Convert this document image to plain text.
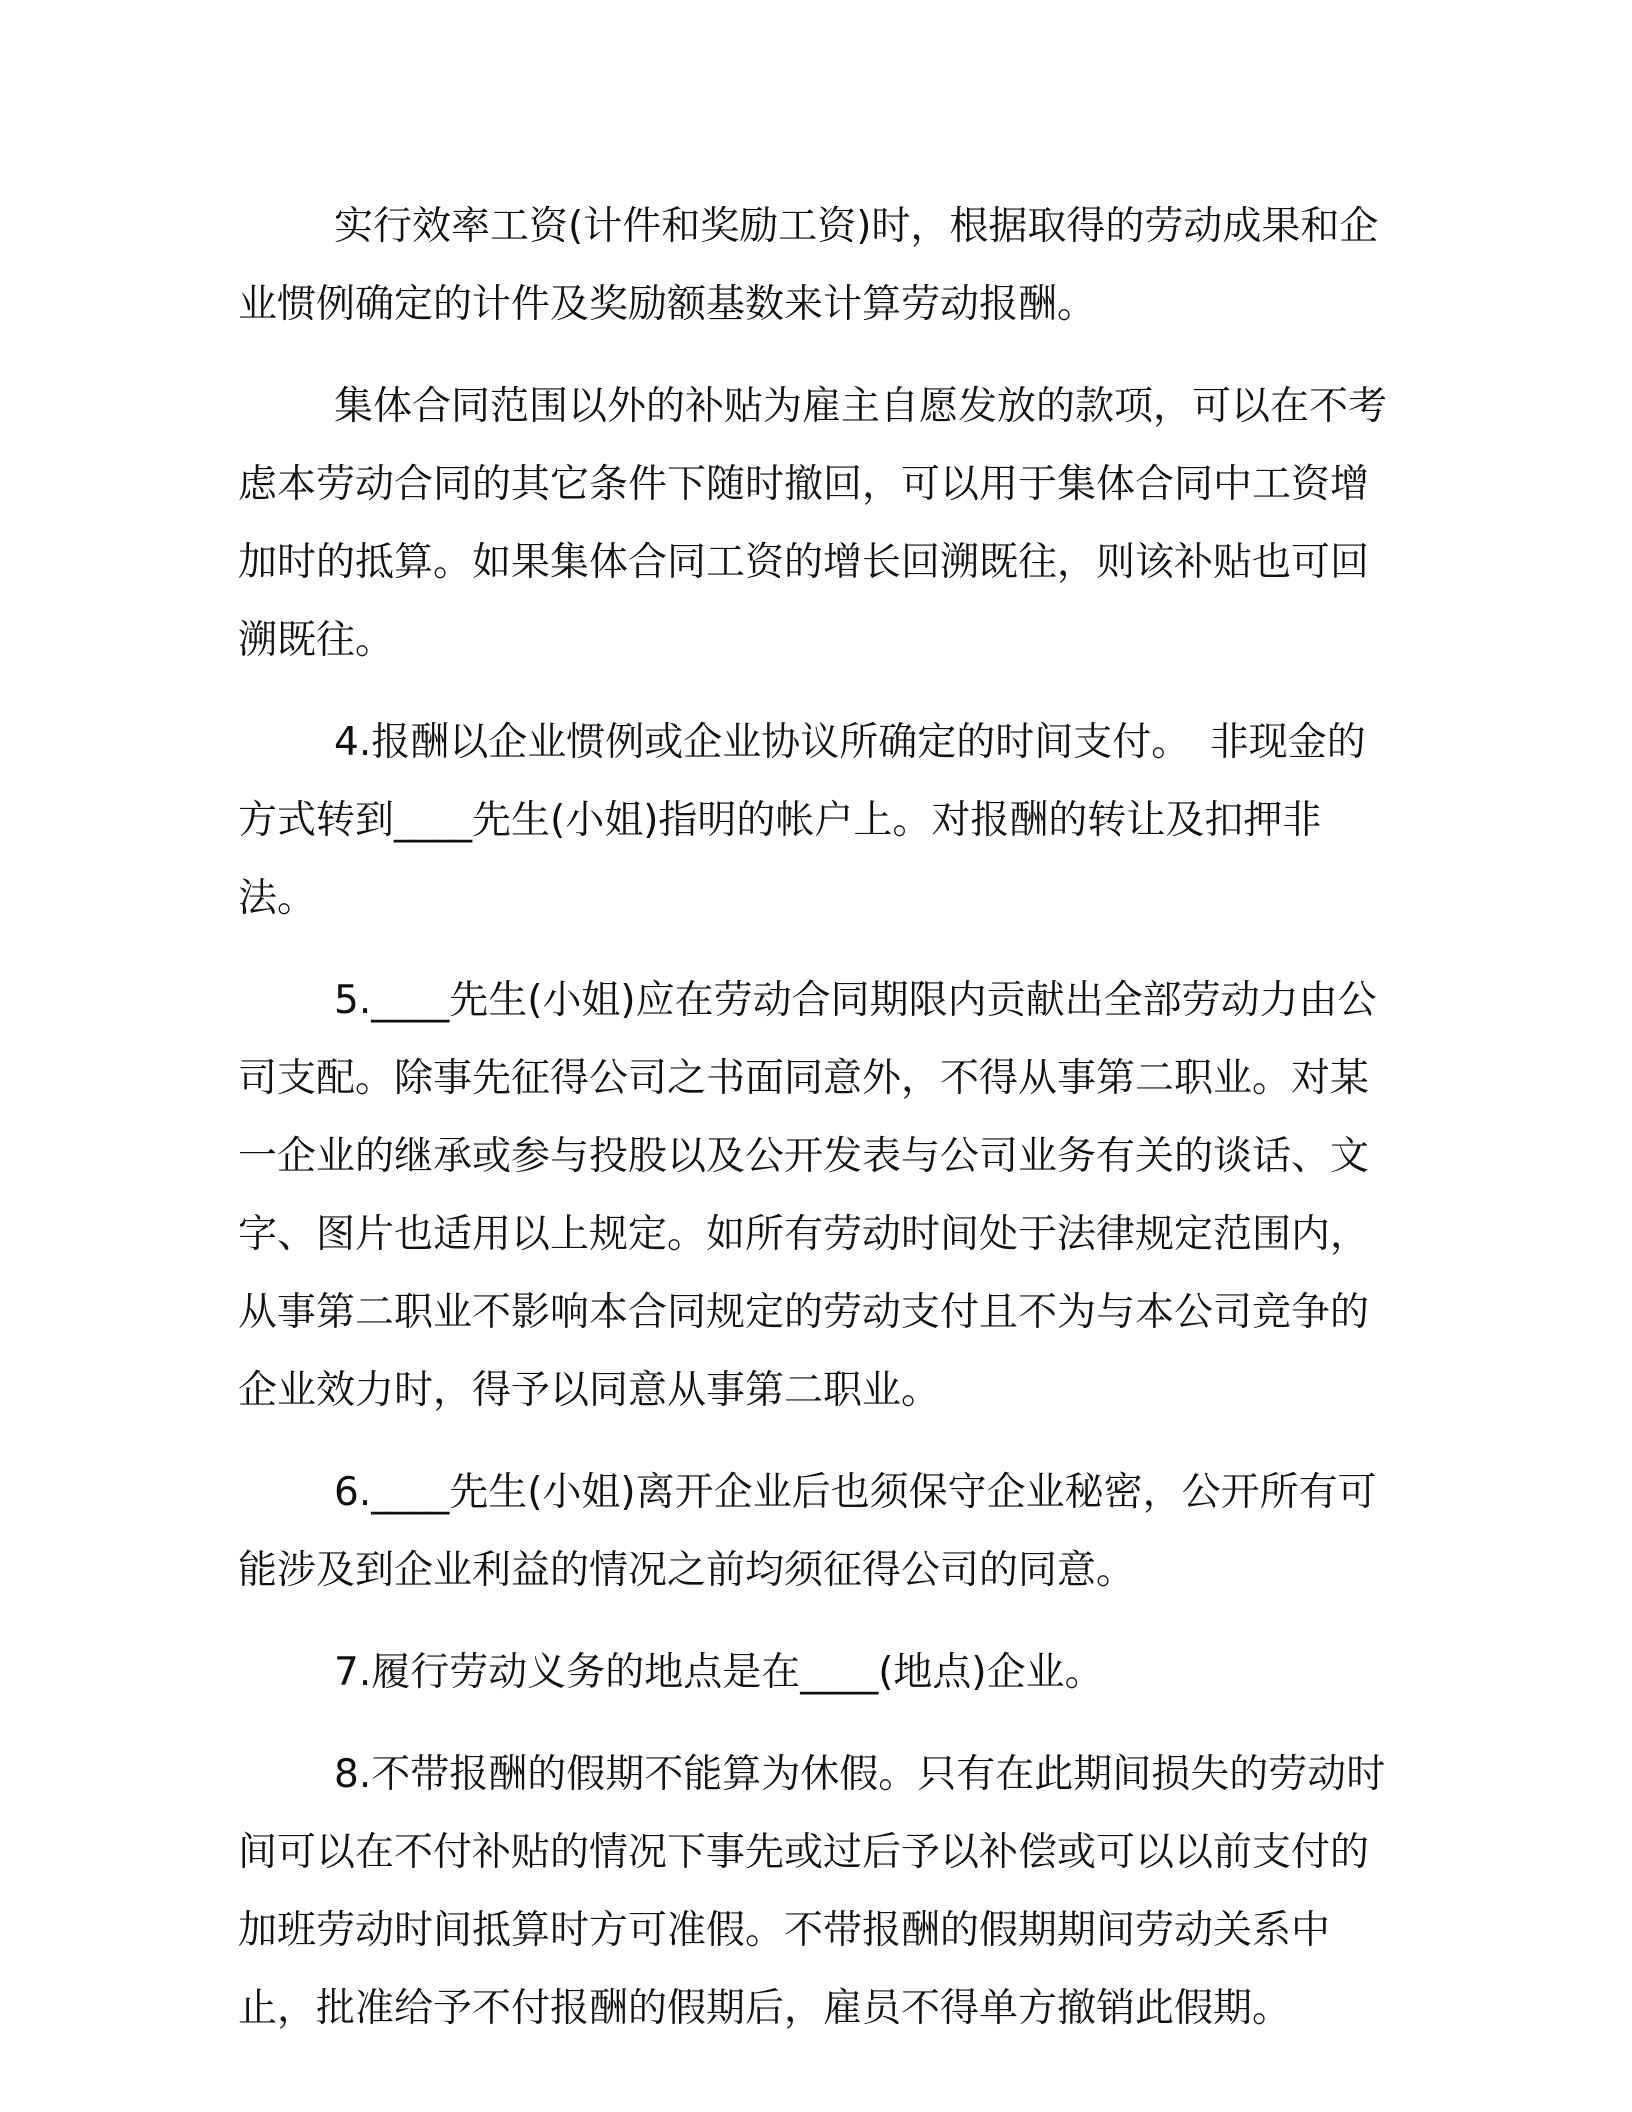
实行效率工资(计件和奖励工资)时，根据取得的劳动成果和企业惯例确定的计件及奖励额基数来计算劳动报酬。

集体合同范围以外的补贴为雇主自愿发放的款项，可以在不考虑本劳动合同的其它条件下随时撤回，可以用于集体合同中工资增加时的抵算。如果集体合同工资的增长回溯既往，则该补贴也可回溯既往。

4.报酬以企业惯例或企业协议所确定的时间支付。　非现金的方式转到____先生(小姐)指明的帐户上。对报酬的转让及扣押非法。

5.____先生(小姐)应在劳动合同期限内贡献出全部劳动力由公司支配。除事先征得公司之书面同意外，不得从事第二职业。对某一企业的继承或参与投股以及公开发表与公司业务有关的谈话、文字、图片也适用以上规定。如所有劳动时间处于法律规定范围内，从事第二职业不影响本合同规定的劳动支付且不为与本公司竞争的企业效力时，得予以同意从事第二职业。

6.____先生(小姐)离开企业后也须保守企业秘密，公开所有可能涉及到企业利益的情况之前均须征得公司的同意。

7.履行劳动义务的地点是在____(地点)企业。

8.不带报酬的假期不能算为休假。只有在此期间损失的劳动时间可以在不付补贴的情况下事先或过后予以补偿或可以以前支付的加班劳动时间抵算时方可准假。不带报酬的假期期间劳动关系中止，批准给予不付报酬的假期后，雇员不得单方撤销此假期。
